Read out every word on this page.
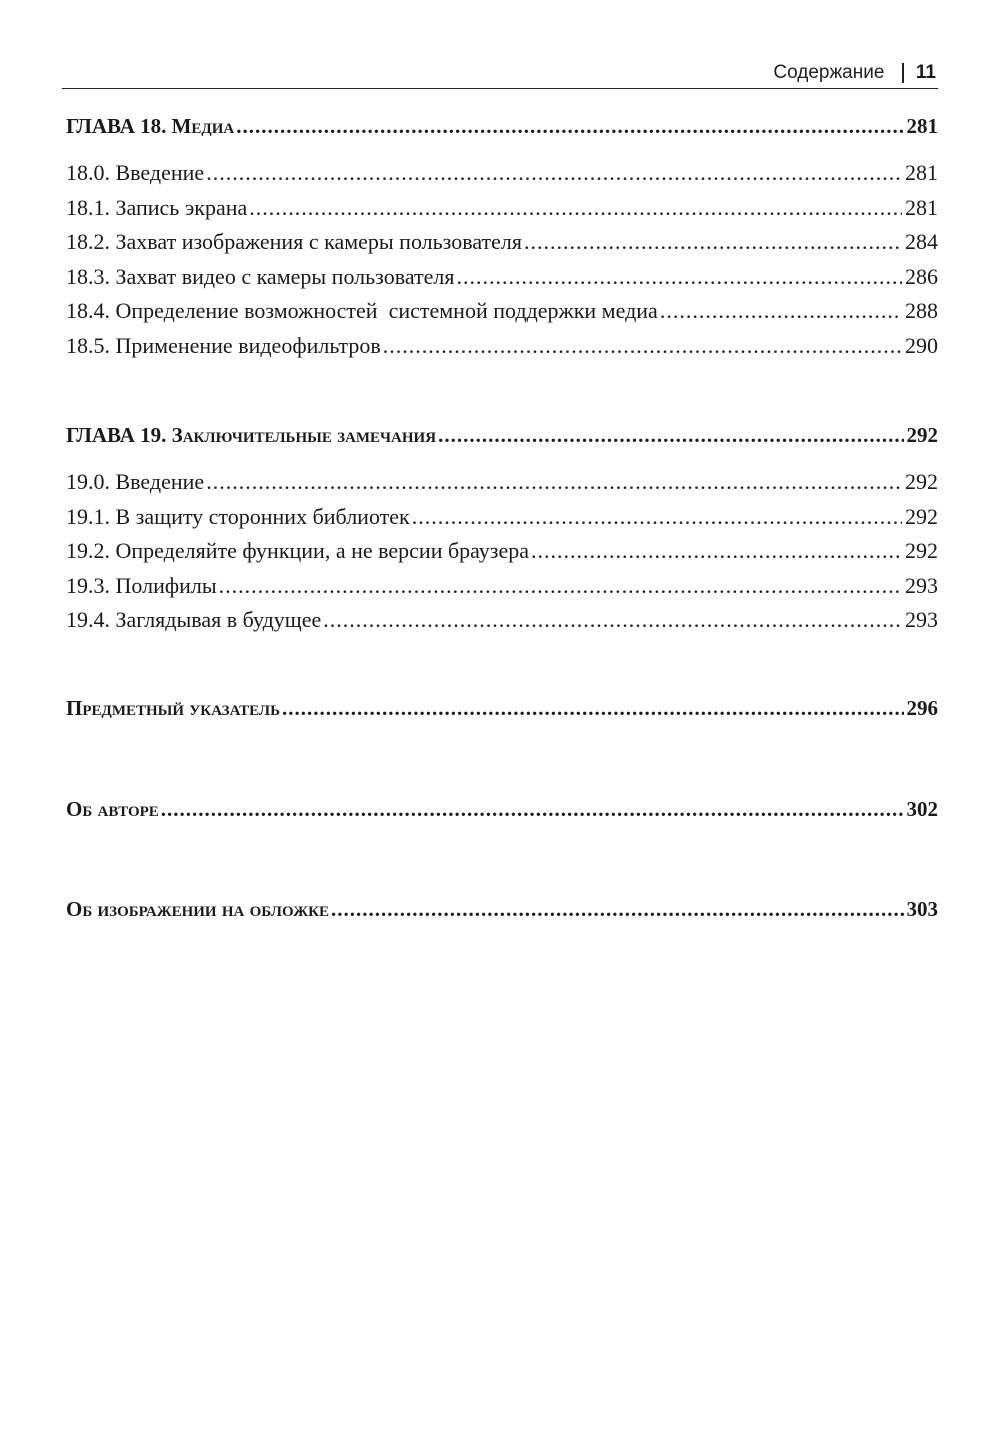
Содержание 11
ГЛАВА 18. Медиа .....	281
18.0. Введение .....	281
18.1. Запись экрана .....	281
18.2. Захват изображения с камеры пользователя .....	284
18.3. Захват видео с камеры пользователя .....	286
18.4. Определение возможностей  системной поддержки медиа .....	288
18.5. Применение видеофильтров .....	290
ГЛАВА 19. Заключительные замечания .....	292
19.0. Введение .....	292
19.1. В защиту сторонних библиотек .....	292
19.2. Определяйте функции, а не версии браузера .....	292
19.3. Полифилы .....	293
19.4. Заглядывая в будущее .....	293
Предметный указатель .....	296
Об авторе .....	302
Об изображении на обложке .....	303
